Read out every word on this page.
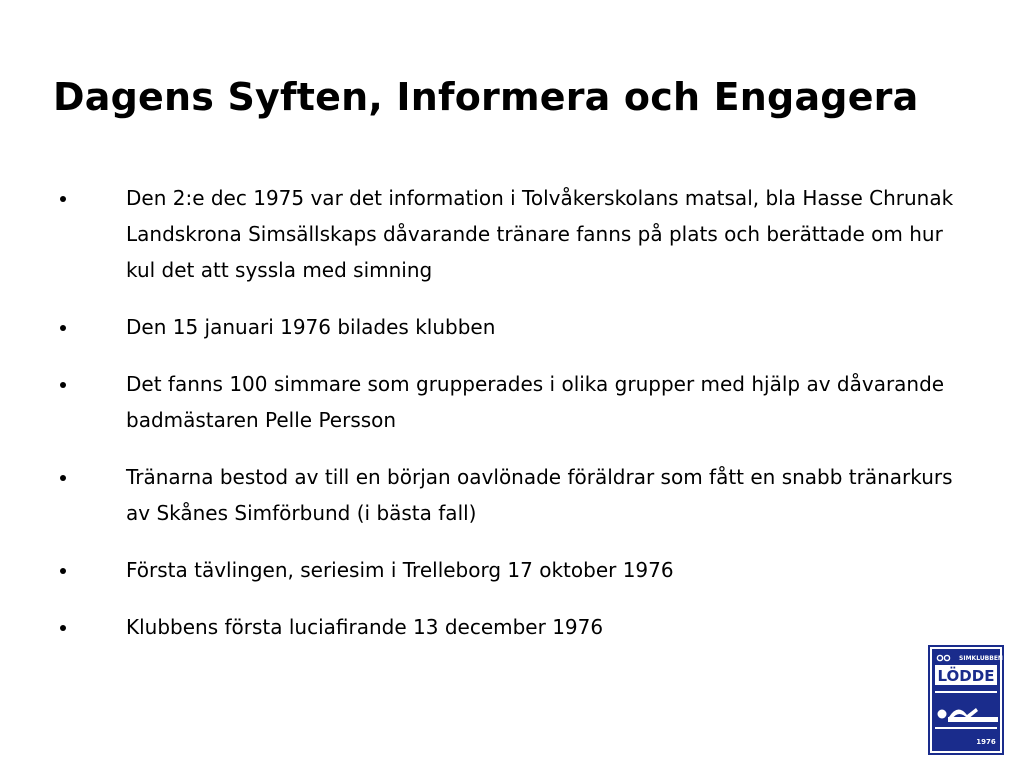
Dagens Syften, Informera och Engagera
Den 2:e dec 1975 var det information i Tolvåkerskolans matsal, bla Hasse Chrunak Landskrona Simsällskaps dåvarande tränare fanns på plats och berättade om hur kul det att syssla med simning
Den 15 januari 1976 bilades klubben
Det fanns 100 simmare som grupperades i olika grupper med hjälp av dåvarande badmästaren Pelle Persson
Tränarna bestod av till en början oavlönade föräldrar som fått en snabb tränarkurs av Skånes Simförbund (i bästa fall)
Första tävlingen, seriesim i Trelleborg 17 oktober 1976
Klubbens första luciafirande 13 december 1976
SIMKLUBBEN
LÖDDE
1976
